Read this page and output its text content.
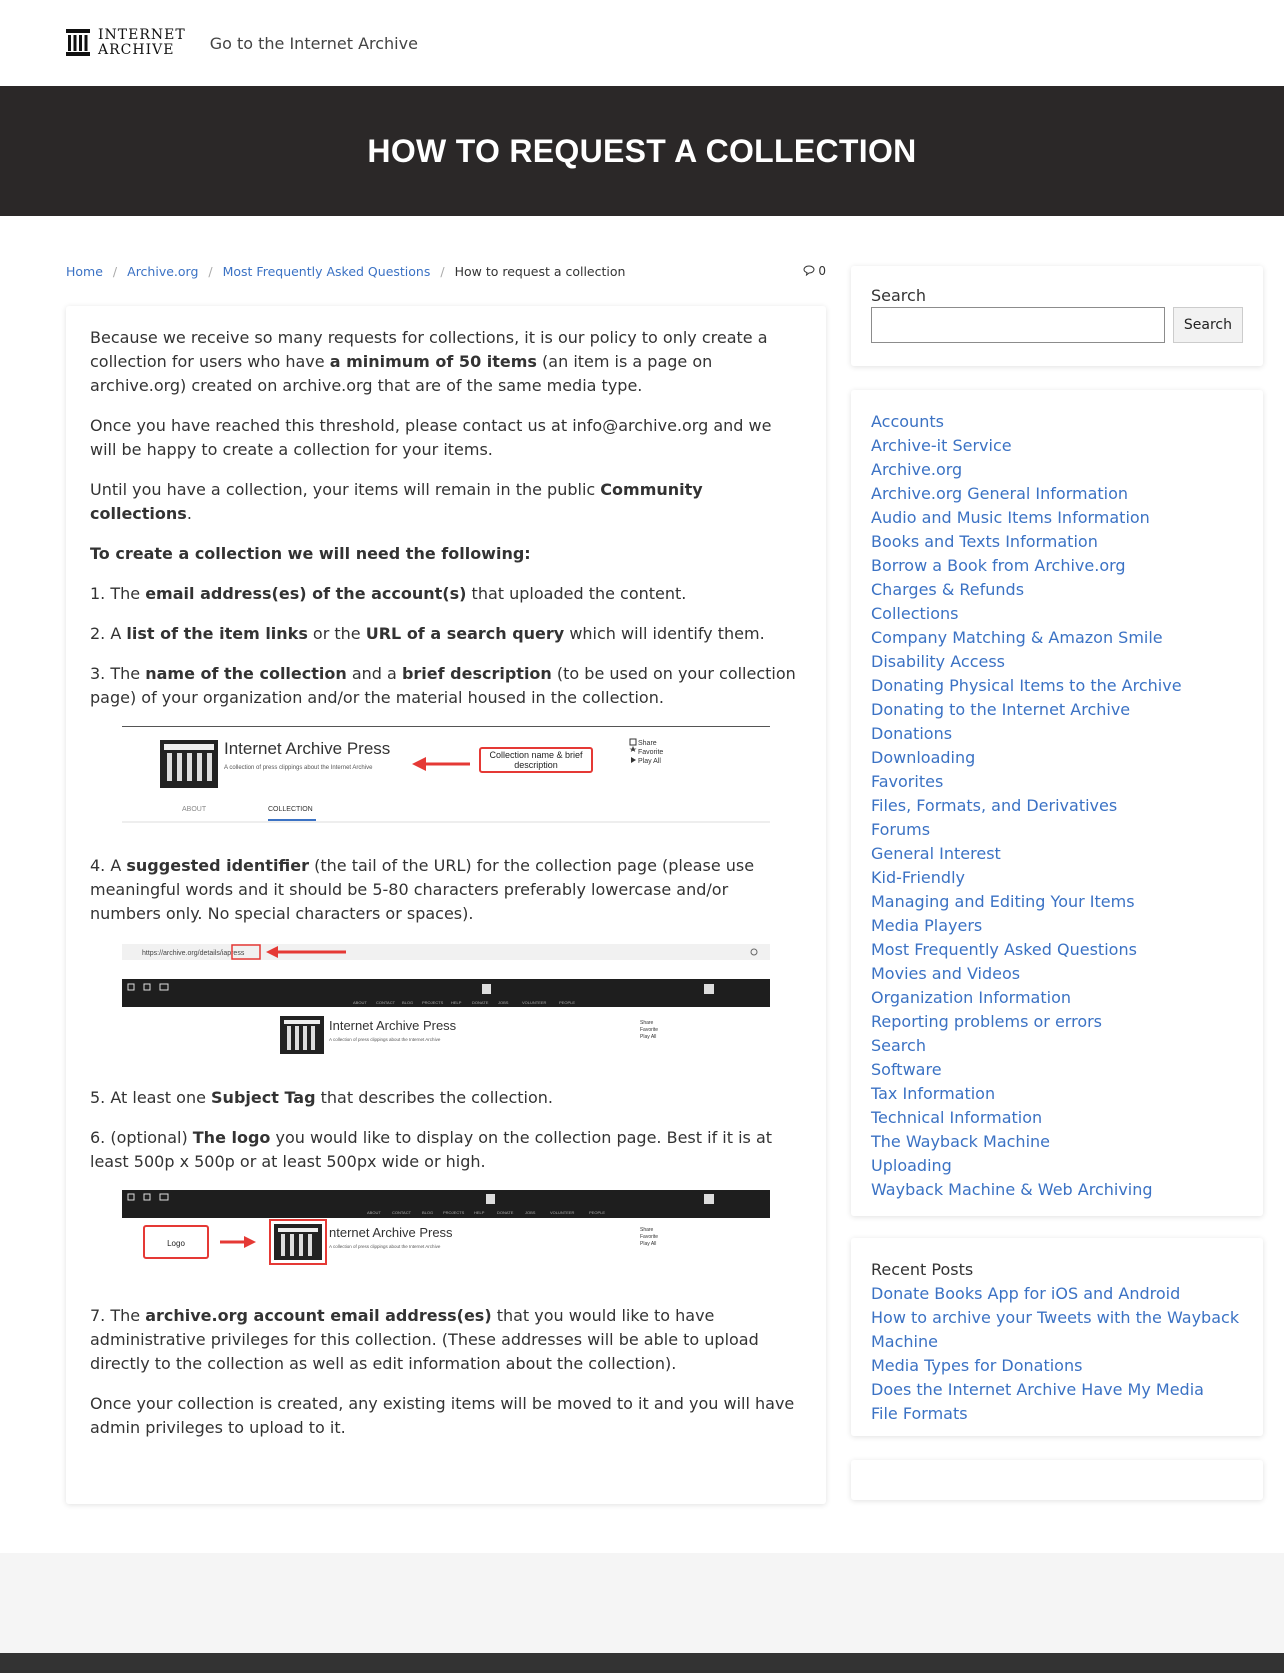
INTERNET
ARCHIVE	Go to the Internet Archive
HOW TO REQUEST A COLLECTION
Home / Archive.org / Most Frequently Asked Questions / How to request a collection	0

Because we receive so many requests for collections, it is our policy to only create a collection for users who have a minimum of 50 items (an item is a page on archive.org) created on archive.org that are of the same media type.

Once you have reached this threshold, please contact us at info@archive.org and we will be happy to create a collection for your items.

Until you have a collection, your items will remain in the public Community collections.

To create a collection we will need the following:

1. The email address(es) of the account(s) that uploaded the content.

2. A list of the item links or the URL of a search query which will identify them.

3. The name of the collection and a brief description (to be used on your collection page) of your organization and/or the material housed in the collection.

Internet Archive Press
A collection of press clippings about the Internet Archive
Collection name & brief
description
Share
Favorite
Play All
ABOUT	COLLECTION

4. A suggested identifier (the tail of the URL) for the collection page (please use meaningful words and it should be 5-80 characters preferably lowercase and/or numbers only. No special characters or spaces).

https://archive.org/details/iapress
ABOUT CONTACT BLOG PROJECTS HELP	DONATE JOBS	VOLUNTEER	PEOPLE
Internet Archive Press
A collection of press clippings about the Internet Archive
Share
Favorite
Play All

5. At least one Subject Tag that describes the collection.

6. (optional) The logo you would like to display on the collection page. Best if it is at least 500p x 500p or at least 500px wide or high.

ABOUT	CONTACT	BLOG PROJECTS HELP	DONATE	JOBS	VOLUNTEER	PEOPLE
Logo
nternet Archive Press
A collection of press clippings about the Internet Archive
Share
Favorite
Play All

7. The archive.org account email address(es) that you would like to have administrative privileges for this collection. (These addresses will be able to upload directly to the collection as well as edit information about the collection).

Once your collection is created, any existing items will be moved to it and you will have admin privileges to upload to it.

Search
Search
Accounts
Archive-it Service
Archive.org
Archive.org General Information
Audio and Music Items Information
Books and Texts Information
Borrow a Book from Archive.org
Charges & Refunds
Collections
Company Matching & Amazon Smile
Disability Access
Donating Physical Items to the Archive
Donating to the Internet Archive
Donations
Downloading
Favorites
Files, Formats, and Derivatives
Forums
General Interest
Kid-Friendly
Managing and Editing Your Items
Media Players
Most Frequently Asked Questions
Movies and Videos
Organization Information
Reporting problems or errors
Search
Software
Tax Information
Technical Information
The Wayback Machine
Uploading
Wayback Machine & Web Archiving
Recent Posts
Donate Books App for iOS and Android
How to archive your Tweets with the Wayback Machine
Media Types for Donations
Does the Internet Archive Have My Media
File Formats
